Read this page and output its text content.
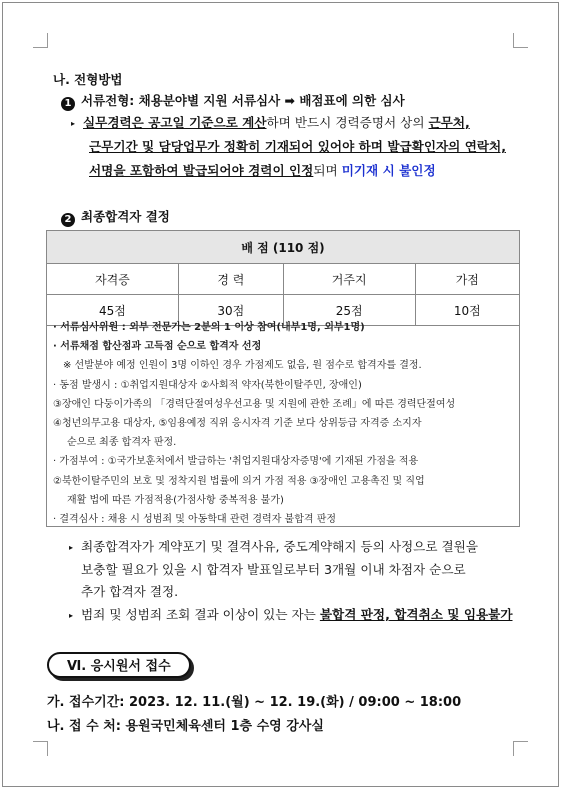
나. 전형방법
1 서류전형: 채용분야별 지원 서류심사 ➡ 배점표에 의한 심사
▸ 실무경력은 공고일 기준으로 계산하며 반드시 경력증명서 상의 근무처,
근무기간 및 담당업무가 정확히 기재되어 있어야 하며 발급확인자의 연락처,
서명을 포함하여 발급되어야 경력이 인정되며 미기재 시 불인정
2 최종합격자 결정
배 점 (110 점)			
자격증	경 력	거주지	가점
45점	30점	25점	10점
· 서류심사위원 : 외부 전문가는 2분의 1 이상 참여(내부1명, 외부1명)
· 서류채점 합산점과 고득점 순으로 합격자 선정
※ 선발분야 예정 인원이 3명 이하인 경우 가점제도 없음, 원 점수로 합격자를 결정.
· 동점 발생시 : ①취업지원대상자 ②사회적 약자(북한이탈주민, 장애인)
③장애인 다둥이가족의 「경력단절여성우선고용 및 지원에 관한 조례」에 따른 경력단절여성
④청년의무고용 대상자, ⑤임용예정 직위 응시자격 기준 보다 상위등급 자격증 소지자
순으로 최종 합격자 판정.
· 가점부여 : ①국가보훈처에서 발급하는 '취업지원대상자증명'에 기재된 가점을 적용
②북한이탈주민의 보호 및 정착지원 법률에 의거 가점 적용 ③장애인 고용촉진 및 직업
재활 법에 따른 가점적용(가점사항 중복적용 불가)
· 결격심사 : 채용 시 성범죄 및 아동학대 관련 경력자 불합격 판정
▸ 최종합격자가 계약포기 및 결격사유, 중도계약해지 등의 사정으로 결원을
보충할 필요가 있을 시 합격자 발표일로부터 3개월 이내 차점자 순으로
추가 합격자 결정.
▸ 범죄 및 성범죄 조회 결과 이상이 있는 자는 불합격 판정, 합격취소 및 임용불가
Ⅵ. 응시원서 접수
가. 접수기간: 2023. 12. 11.(월) ~ 12. 19.(화) / 09:00 ~ 18:00
나. 접 수 처: 용원국민체육센터 1층 수영 강사실
